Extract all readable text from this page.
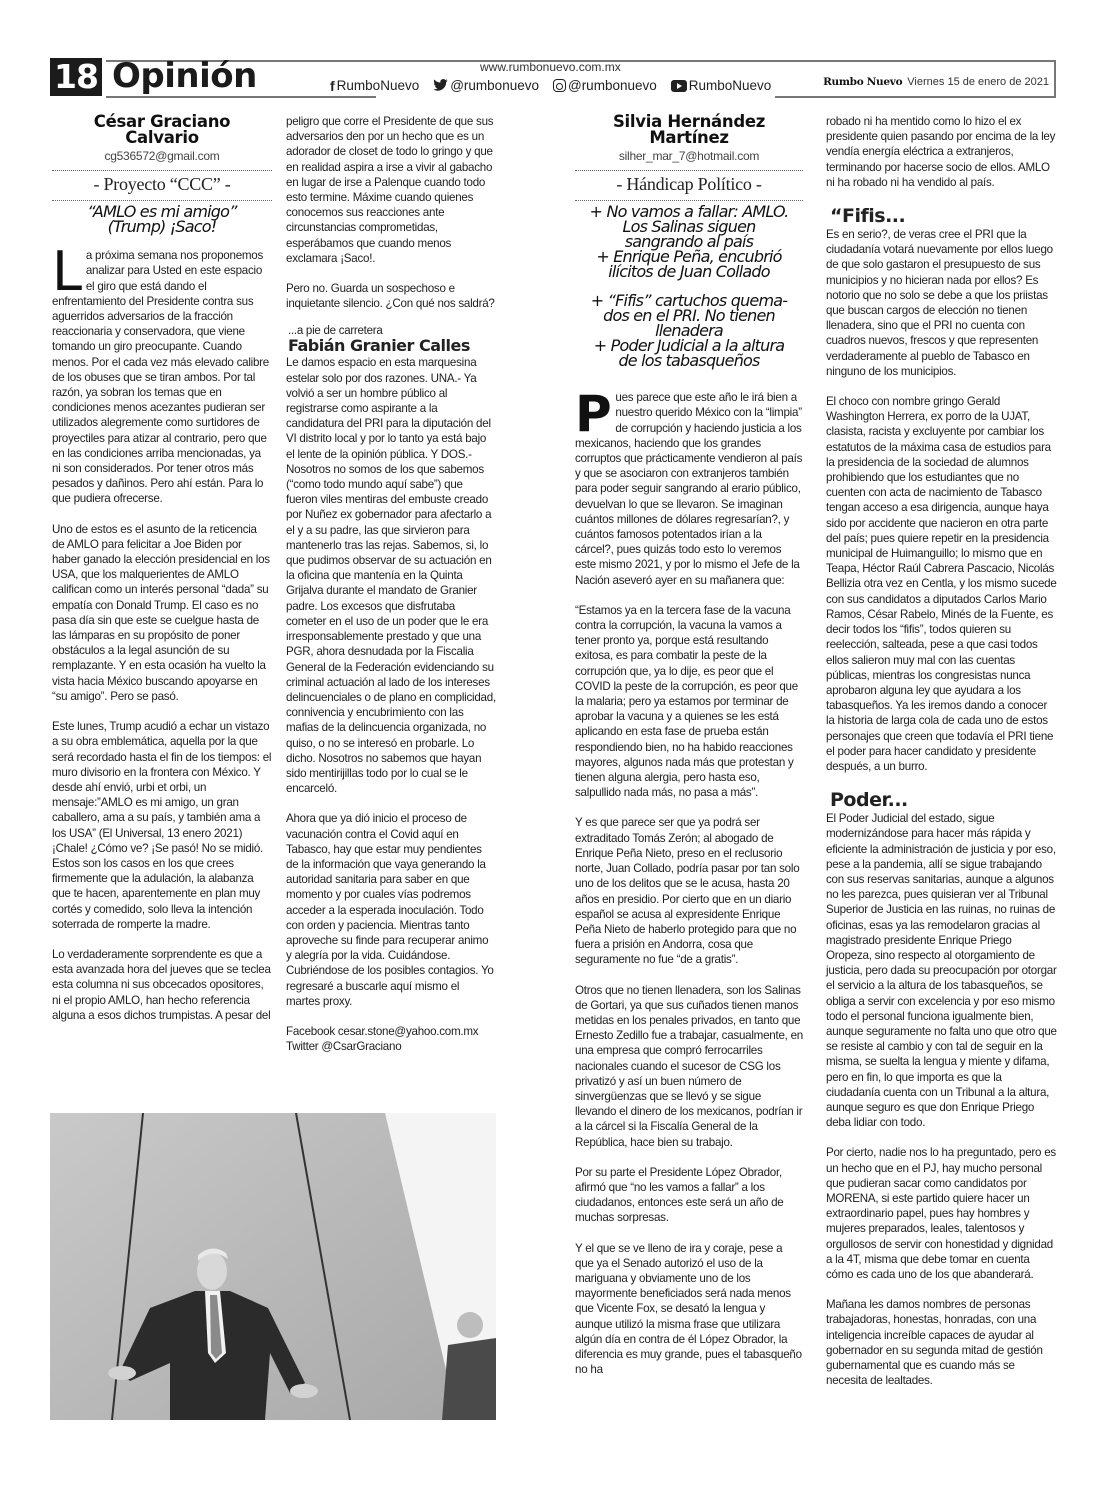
18 Opinión	www.rumbonuevo.com.mx
f RumboNuevo @rumbonuevo @rumbonuevo RumboNuevo	Rumbo Nuevo Viernes 15 de enero de 2021
César Graciano
Calvario
cg536572@gmail.com
- Proyecto “CCC” -
“AMLO es mi amigo”
(Trump) ¡Saco!

La próxima semana nos proponemos analizar para Usted en este espacio el giro que está dando el enfrentamiento del Presidente contra sus aguerridos adversarios de la fracción reaccionaria y conservadora, que viene tomando un giro preocupante. Cuando menos. Por el cada vez más elevado calibre de los obuses que se tiran ambos. Por tal razón, ya sobran los temas que en condiciones menos acezantes pudieran ser utilizados alegremente como surtidores de proyectiles para atizar al contrario, pero que en las condiciones arriba mencionadas, ya ni son considerados. Por tener otros más pesados y dañinos. Pero ahí están. Para lo que pudiera ofrecerse.

Uno de estos es el asunto de la reticencia de AMLO para felicitar a Joe Biden por haber ganado la elección presidencial en los USA, que los malquerientes de AMLO califican como un interés personal “dada” su empatía con Donald Trump. El caso es no pasa día sin que este se cuelgue hasta de las lámparas en su propósito de poner obstáculos a la legal asunción de su remplazante. Y en esta ocasión ha vuelto la vista hacia México buscando apoyarse en “su amigo”. Pero se pasó.

Este lunes, Trump acudió a echar un vistazo a su obra emblemática, aquella por la que será recordado hasta el fin de los tiempos: el muro divisorio en la frontera con México. Y desde ahí envió, urbi et orbi, un mensaje:”AMLO es mi amigo, un gran caballero, ama a su país, y también ama a los USA” (El Universal, 13 enero 2021) ¡Chale! ¿Cómo ve? ¡Se pasó! No se midió. Estos son los casos en los que crees firmemente que la adulación, la alabanza que te hacen, aparentemente en plan muy cortés y comedido, solo lleva la intención soterrada de romperte la madre.

Lo verdaderamente sorprendente es que a esta avanzada hora del jueves que se teclea esta columna ni sus obcecados opositores, ni el propio AMLO, han hecho referencia alguna a esos dichos trumpistas. A pesar del

peligro que corre el Presidente de que sus adversarios den por un hecho que es un adorador de closet de todo lo gringo y que en realidad aspira a irse a vivir al gabacho en lugar de irse a Palenque cuando todo esto termine. Máxime cuando quienes conocemos sus reacciones ante circunstancias comprometidas, esperábamos que cuando menos exclamara ¡Saco!.

Pero no. Guarda un sospechoso e inquietante silencio. ¿Con qué nos saldrá?

...a pie de carretera
Fabián Granier Calles

Le damos espacio en esta marquesina estelar solo por dos razones. UNA.- Ya volvió a ser un hombre público al registrarse como aspirante a la candidatura del PRI para la diputación del VI distrito local y por lo tanto ya está bajo el lente de la opinión pública. Y DOS.- Nosotros no somos de los que sabemos (“como todo mundo aquí sabe”) que fueron viles mentiras del embuste creado por Nuñez ex gobernador para afectarlo a el y a su padre, las que sirvieron para mantenerlo tras las rejas. Sabemos, si, lo que pudimos observar de su actuación en la oficina que mantenía en la Quinta Grijalva durante el mandato de Granier padre. Los excesos que disfrutaba cometer en el uso de un poder que le era irresponsablemente prestado y que una PGR, ahora desnudada por la Fiscalia General de la Federación evidenciando su criminal actuación al lado de los intereses delincuenciales o de plano en complicidad, connivencia y encubrimiento con las mafias de la delincuencia organizada, no quiso, o no se interesó en probarle. Lo dicho. Nosotros no sabemos que hayan sido mentirijillas todo por lo cual se le encarceló.

Ahora que ya dió inicio el proceso de vacunación contra el Covid aquí en Tabasco, hay que estar muy pendientes de la información que vaya generando la autoridad sanitaria para saber en que momento y por cuales vías podremos acceder a la esperada inoculación. Todo con orden y paciencia. Mientras tanto aproveche su finde para recuperar animo y alegría por la vida. Cuidándose. Cubriéndose de los posibles contagios. Yo regresaré a buscarle aquí mismo el martes proxy.

Facebook cesar.stone@yahoo.com.mx

Twitter @CsarGraciano

Silvia Hernández
Martínez
silher_mar_7@hotmail.com
- Hándicap Político -
+ No vamos a fallar: AMLO.
Los Salinas siguen
sangrando al país
+ Enrique Peña, encubrió
ilícitos de Juan Collado
+ “Fifis” cartuchos quema-
dos en el PRI. No tienen
llenadera
+ Poder Judicial a la altura
de los tabasqueños

Pues parece que este año le irá bien a nuestro querido México con la “limpia” de corrupción y haciendo justicia a los mexicanos, haciendo que los grandes corruptos que prácticamente vendieron al país y que se asociaron con extranjeros también para poder seguir sangrando al erario público, devuelvan lo que se llevaron. Se imaginan cuántos millones de dólares regresarían?, y cuántos famosos potentados irían a la cárcel?, pues quizás todo esto lo veremos este mismo 2021, y por lo mismo el Jefe de la Nación aseveró ayer en su mañanera que:

“Estamos ya en la tercera fase de la vacuna contra la corrupción, la vacuna la vamos a tener pronto ya, porque está resultando exitosa, es para combatir la peste de la corrupción que, ya lo dije, es peor que el COVID la peste de la corrupción, es peor que la malaria; pero ya estamos por terminar de aprobar la vacuna y a quienes se les está aplicando en esta fase de prueba están respondiendo bien, no ha habido reacciones mayores, algunos nada más que protestan y tienen alguna alergia, pero hasta eso, salpullido nada más, no pasa a más”.

Y es que parece ser que ya podrá ser extraditado Tomás Zerón; al abogado de Enrique Peña Nieto, preso en el reclusorio norte, Juan Collado, podría pasar por tan solo uno de los delitos que se le acusa, hasta 20 años en presidio. Por cierto que en un diario español se acusa al expresidente Enrique Peña Nieto de haberlo protegido para que no fuera a prisión en Andorra, cosa que seguramente no fue “de a gratis”.

Otros que no tienen llenadera, son los Salinas de Gortari, ya que sus cuñados tienen manos metidas en los penales privados, en tanto que Ernesto Zedillo fue a trabajar, casualmente, en una empresa que compró ferrocarriles nacionales cuando el sucesor de CSG los privatizó y así un buen número de sinvergüenzas que se llevó y se sigue llevando el dinero de los mexicanos, podrían ir a la cárcel si la Fiscalía General de la República, hace bien su trabajo.

Por su parte el Presidente López Obrador, afirmó que “no les vamos a fallar” a los ciudadanos, entonces este será un año de muchas sorpresas.

Y el que se ve lleno de ira y coraje, pese a que ya el Senado autorizó el uso de la mariguana y obviamente uno de los mayormente beneficiados será nada menos que Vicente Fox, se desató la lengua y aunque utilizó la misma frase que utilizara algún día en contra de él López Obrador, la diferencia es muy grande, pues el tabasqueño no ha

robado ni ha mentido como lo hizo el ex presidente quien pasando por encima de la ley vendía energía eléctrica a extranjeros, terminando por hacerse socio de ellos. AMLO ni ha robado ni ha vendido al país.

“Fifis...

Es en serio?, de veras cree el PRI que la ciudadanía votará nuevamente por ellos luego de que solo gastaron el presupuesto de sus municipios y no hicieran nada por ellos? Es notorio que no solo se debe a que los priistas que buscan cargos de elección no tienen llenadera, sino que el PRI no cuenta con cuadros nuevos, frescos y que representen verdaderamente al pueblo de Tabasco en ninguno de los municipios.

El choco con nombre gringo Gerald Washington Herrera, ex porro de la UJAT, clasista, racista y excluyente por cambiar los estatutos de la máxima casa de estudios para la presidencia de la sociedad de alumnos prohibiendo que los estudiantes que no cuenten con acta de nacimiento de Tabasco tengan acceso a esa dirigencia, aunque haya sido por accidente que nacieron en otra parte del país; pues quiere repetir en la presidencia municipal de Huimanguillo; lo mismo que en Teapa, Héctor Raúl Cabrera Pascacio, Nicolás Bellizia otra vez en Centla, y los mismo sucede con sus candidatos a diputados Carlos Mario Ramos, César Rabelo, Minés de la Fuente, es decir todos los “fifis”, todos quieren su reelección, salteada, pese a que casi todos ellos salieron muy mal con las cuentas públicas, mientras los congresistas nunca aprobaron alguna ley que ayudara a los tabasqueños. Ya les iremos dando a conocer la historia de larga cola de cada uno de estos personajes que creen que todavía el PRI tiene el poder para hacer candidato y presidente después, a un burro.

Poder...

El Poder Judicial del estado, sigue modernizándose para hacer más rápida y eficiente la administración de justicia y por eso, pese a la pandemia, allí se sigue trabajando con sus reservas sanitarias, aunque a algunos no les parezca, pues quisieran ver al Tribunal Superior de Justicia en las ruinas, no ruinas de oficinas, esas ya las remodelaron gracias al magistrado presidente Enrique Priego Oropeza, sino respecto al otorgamiento de justicia, pero dada su preocupación por otorgar el servicio a la altura de los tabasqueños, se obliga a servir con excelencia y por eso mismo todo el personal funciona igualmente bien, aunque seguramente no falta uno que otro que se resiste al cambio y con tal de seguir en la misma, se suelta la lengua y miente y difama, pero en fin, lo que importa es que la ciudadanía cuenta con un Tribunal a la altura, aunque seguro es que don Enrique Priego deba lidiar con todo.

Por cierto, nadie nos lo ha preguntado, pero es un hecho que en el PJ, hay mucho personal que pudieran sacar como candidatos por MORENA, si este partido quiere hacer un extraordinario papel, pues hay hombres y mujeres preparados, leales, talentosos y orgullosos de servir con honestidad y dignidad a la 4T, misma que debe tomar en cuenta cómo es cada uno de los que abanderará.

Mañana les damos nombres de personas trabajadoras, honestas, honradas, con una inteligencia increíble capaces de ayudar al gobernador en su segunda mitad de gestión gubernamental que es cuando más se necesita de lealtades.
